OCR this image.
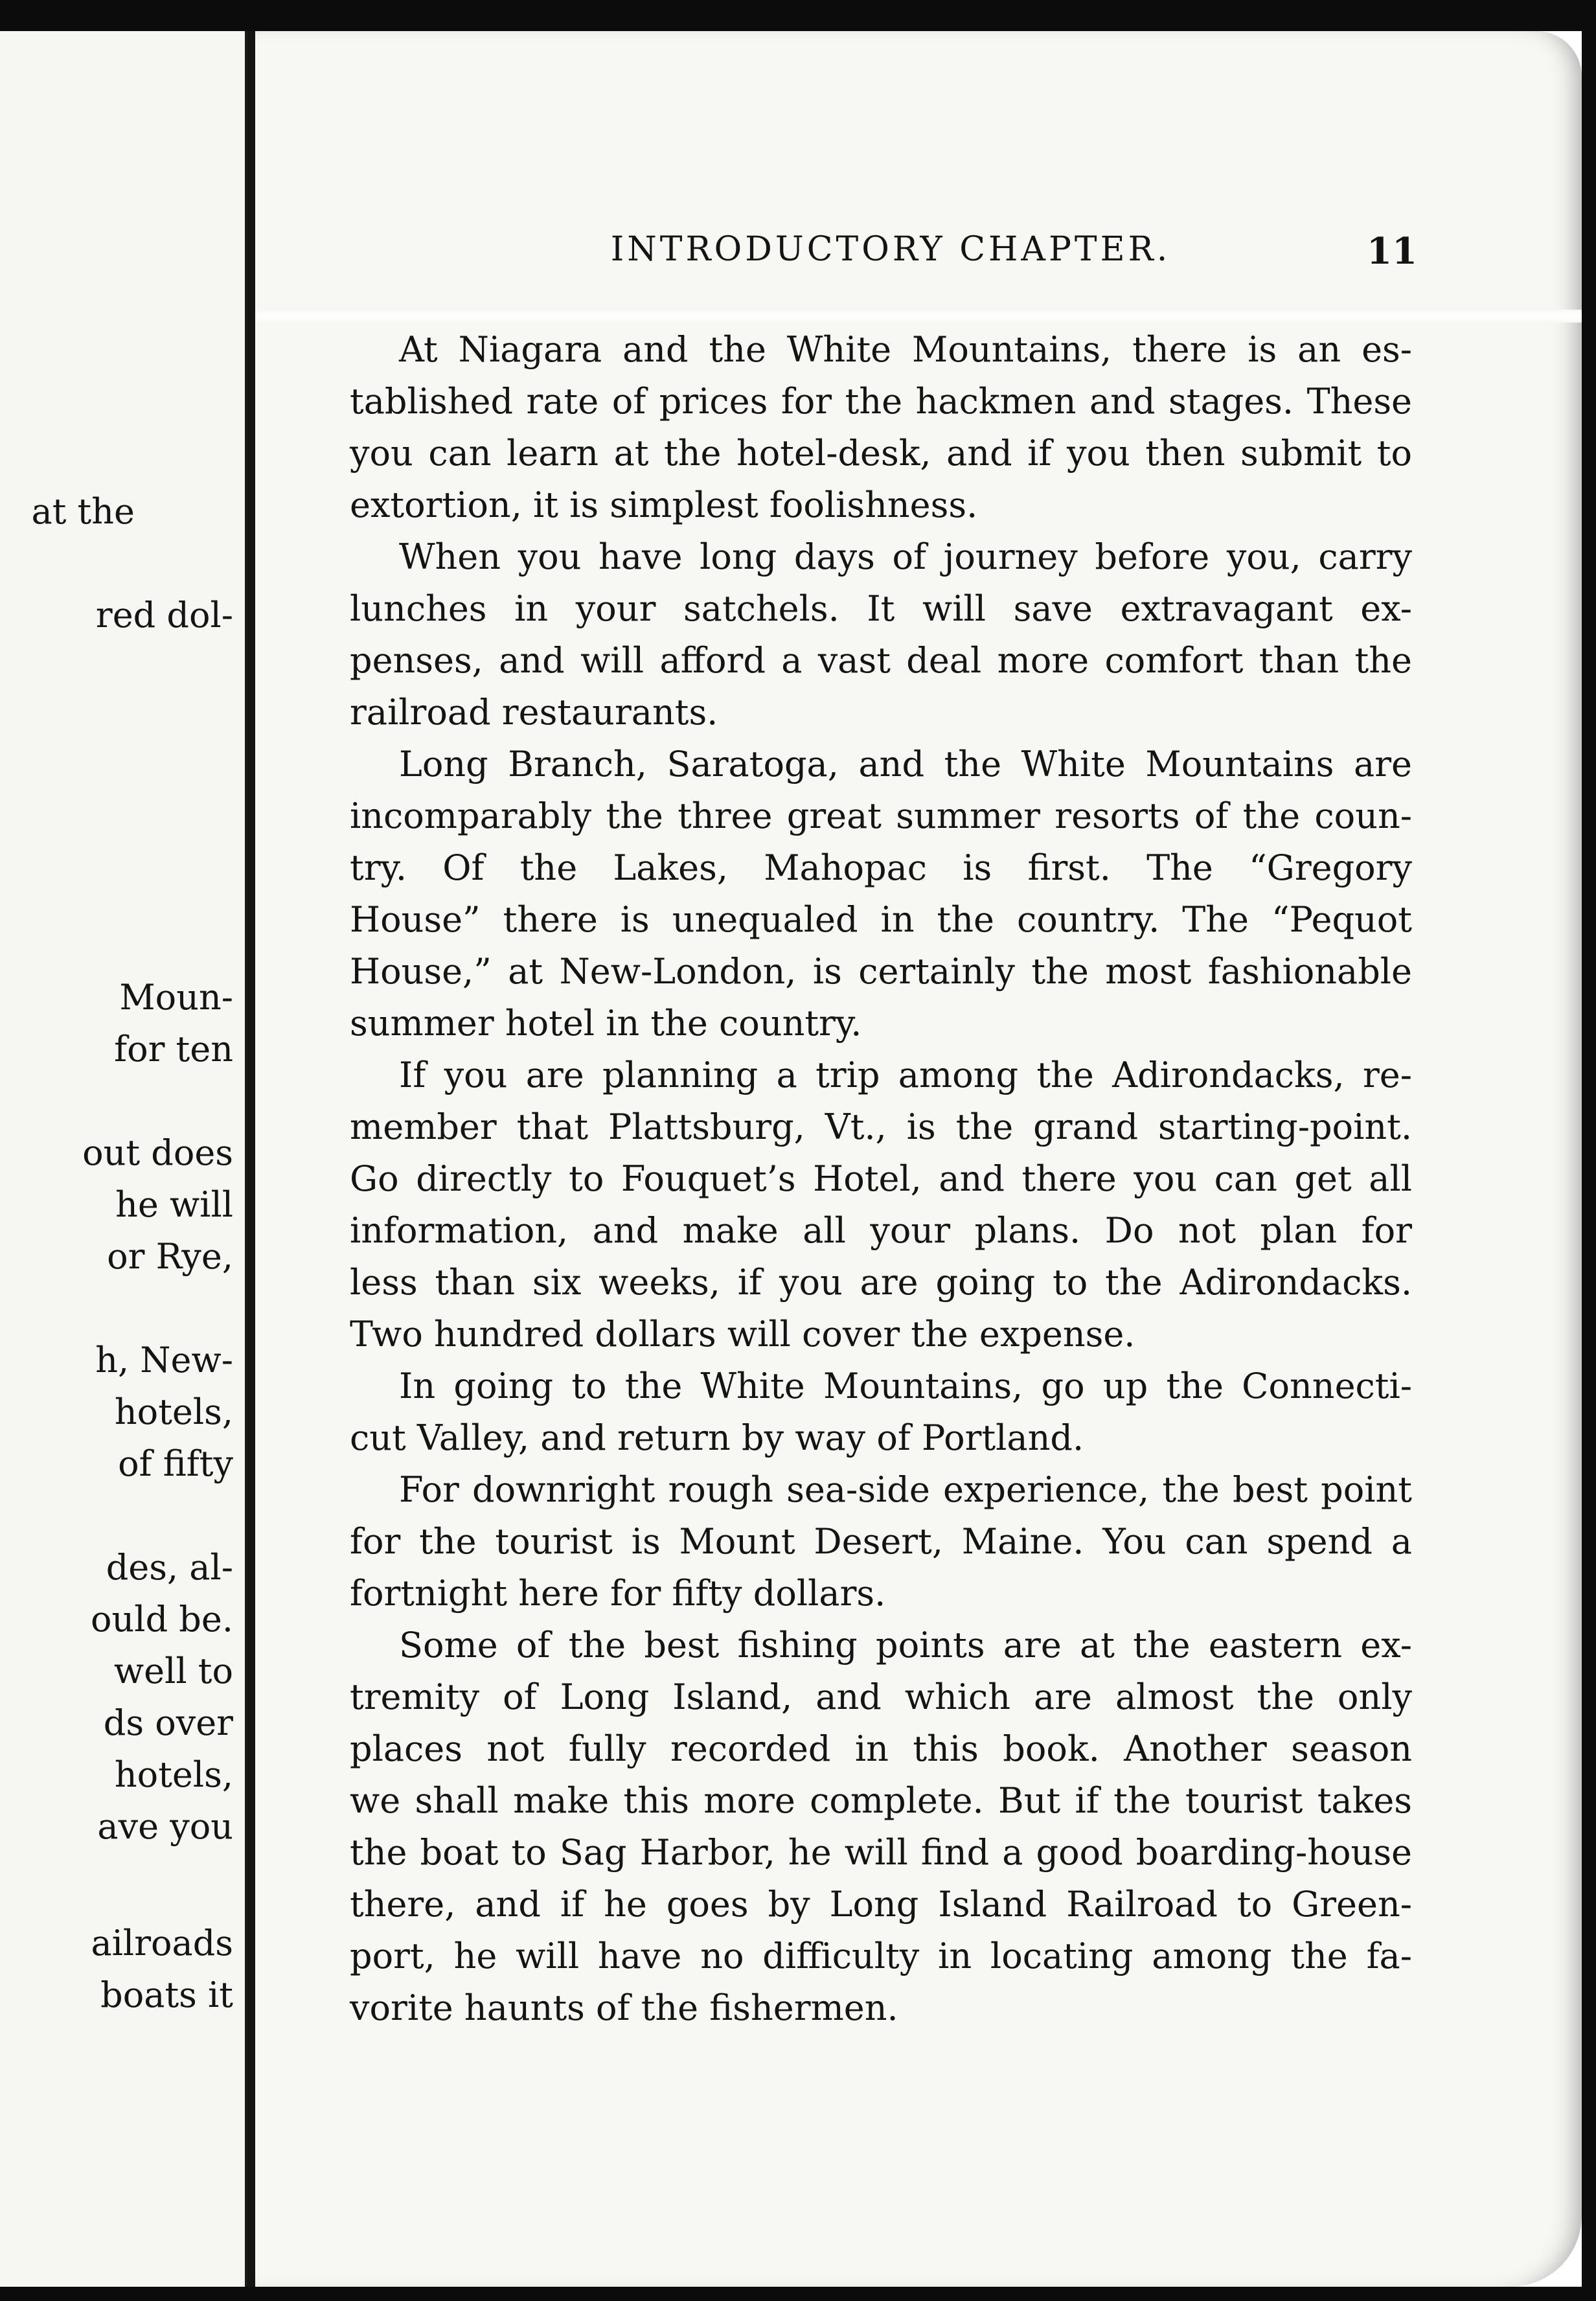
at the
red dol-
Moun-
for ten
out does
he will
or Rye,
h, New-
hotels,
of fifty
des, al-
ould be.
well to
ds over
hotels,
ave you
ailroads
boats it
INTRODUCTORY CHAPTER.	11
At Niagara and the White Mountains, there is an es-
tablished rate of prices for the hackmen and stages. These
you can learn at the hotel-desk, and if you then submit to
extortion, it is simplest foolishness.
When you have long days of journey before you, carry
lunches in your satchels. It will save extravagant ex-
penses, and will afford a vast deal more comfort than the
railroad restaurants.
Long Branch, Saratoga, and the White Mountains are
incomparably the three great summer resorts of the coun-
try. Of the Lakes, Mahopac is first. The “Gregory
House” there is unequaled in the country. The “Pequot
House,” at New-London, is certainly the most fashionable
summer hotel in the country.
If you are planning a trip among the Adirondacks, re-
member that Plattsburg, Vt., is the grand starting-point.
Go directly to Fouquet’s Hotel, and there you can get all
information, and make all your plans. Do not plan for
less than six weeks, if you are going to the Adirondacks.
Two hundred dollars will cover the expense.
In going to the White Mountains, go up the Connecti-
cut Valley, and return by way of Portland.
For downright rough sea-side experience, the best point
for the tourist is Mount Desert, Maine. You can spend a
fortnight here for fifty dollars.
Some of the best fishing points are at the eastern ex-
tremity of Long Island, and which are almost the only
places not fully recorded in this book. Another season
we shall make this more complete. But if the tourist takes
the boat to Sag Harbor, he will find a good boarding-house
there, and if he goes by Long Island Railroad to Green-
port, he will have no difficulty in locating among the fa-
vorite haunts of the fishermen.
